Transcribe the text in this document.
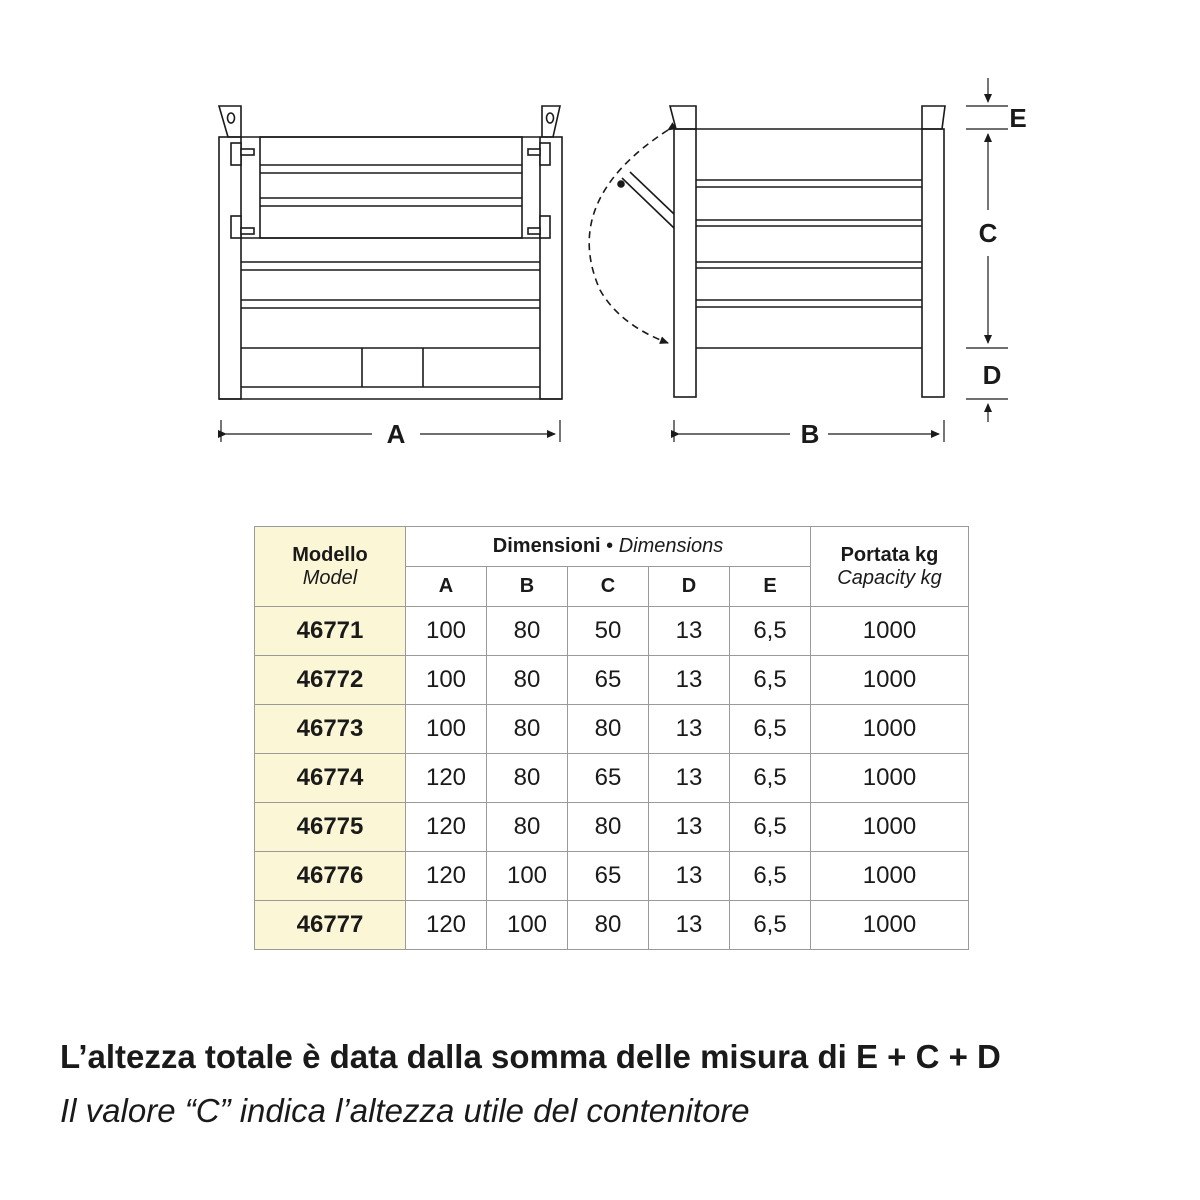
A	B
C
D
E
Modello
Model	Dimensioni • Dimensions					Portata kg
Capacity kg

	A	B	C	D	E	
46771	100	80	50	13	6,5	1000
46772	100	80	65	13	6,5	1000
46773	100	80	80	13	6,5	1000
46774	120	80	65	13	6,5	1000
46775	120	80	80	13	6,5	1000
46776	120	100	65	13	6,5	1000
46777	120	100	80	13	6,5	1000
L’altezza totale è data dalla somma delle misura di E + C + D
Il valore “C” indica l’altezza utile del contenitore
